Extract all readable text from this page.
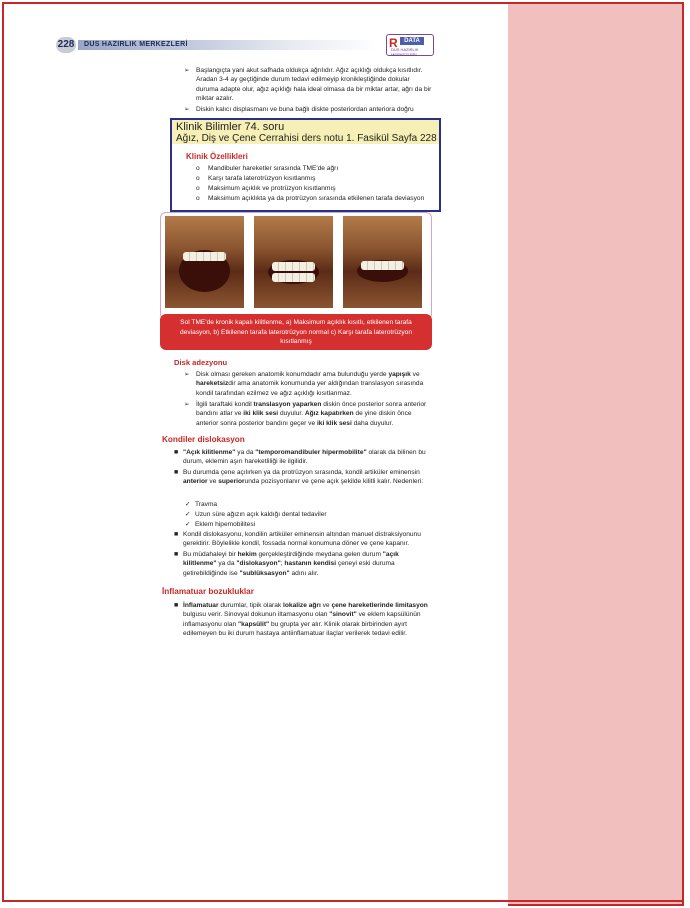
228 DUS HAZIRLIK MERKEZLERİ	R	DATA
DUS HAZIRLIK MERKEZLERİ
➢ Başlangıçta yani akut safhada oldukça ağrılıdır. Ağız açıklığı oldukça kısıtlıdır. Aradan 3-4 ay geçtiğinde durum tedavi edilmeyip kronikleştiğinde dokular duruma adapte olur, ağız açıklığı hala ideal olmasa da bir miktar artar, ağrı da bir miktar azalır.
➢ Diskin kalıcı displasmanı ve buna bağlı diskte posteriordan anteriora doğru
Klinik Bilimler 74. soru
Ağız, Diş ve Çene Cerrahisi ders notu 1. Fasikül Sayfa 228
Klinik Özellikleri
o Mandibuler hareketler sırasında TME'de ağrı
o Karşı tarafa laterotrüzyon kısıtlanmış
o Maksimum açıklık ve protrüzyon kısıtlanmış
o Maksimum açıklıkta ya da protrüzyon sırasında etkilenen tarafa deviasyon
Sol TME'de kronik kapalı kilitlenme, a) Maksimum açıklık kısıtlı, etkilenen tarafa deviasyon, b) Etkilenen tarafa laterotrüzyon normal c) Karşı tarafa laterotrüzyon kısıtlanmış
Disk adezyonu
➢ Disk olması gereken anatomik konumdadır ama bulunduğu yerde yapışık ve hareketsizdir ama anatomik konumunda yer aldığından translasyon sırasında kondil tarafından ezilmez ve ağız açıklığı kısıtlanmaz.
➢ İlgili taraftaki kondil translasyon yaparken diskin önce posterior sonra anterior bandını atlar ve iki klik sesi duyulur. Ağız kapatırken de yine diskin önce anterior sonra posterior bandını geçer ve iki klik sesi daha duyulur.
Kondiler dislokasyon
■ "Açık kilitlenme" ya da "temporomandibuler hipermobilite" olarak da bilinen bu durum, eklemin aşırı hareketliliği ile ilgilidir.
■ Bu durumda çene açılırken ya da protrüzyon sırasında, kondil artiküler eminensin anterior ve superiorunda pozisyonlanır ve çene açık şekilde kilitli kalır. Nedenleri:
✓ Travma
✓ Uzun süre ağızın açık kaldığı dental tedaviler
✓ Eklem hipemobilitesi
■ Kondil dislokasyonu, kondilin artiküler eminensin altından manuel distraksiyonunu gerektirir. Böylelikle kondil, fossada normal konumuna döner ve çene kapanır.
■ Bu müdahaleyi bir hekim gerçekleştirdiğinde meydana gelen durum "açık kilitlenme" ya da "dislokasyon"; hastanın kendisi çeneyi eski duruma getirebildiğinde ise "sublüksasyon" adını alır.
İnflamatuar bozukluklar
■ İnflamatuar durumlar, tipik olarak lokalize ağrı ve çene hareketlerinde limitasyon bulgusu verir. Sinovyal dokunun iltamasyonu olan "sinovit" ve eklem kapsülünün inflamasyonu olan "kapsülit" bu grupta yer alır. Klinik olarak birbirinden ayırt edilemeyen bu iki durum hastaya antiinflamatuar ilaçlar verilerek tedavi edilir.
